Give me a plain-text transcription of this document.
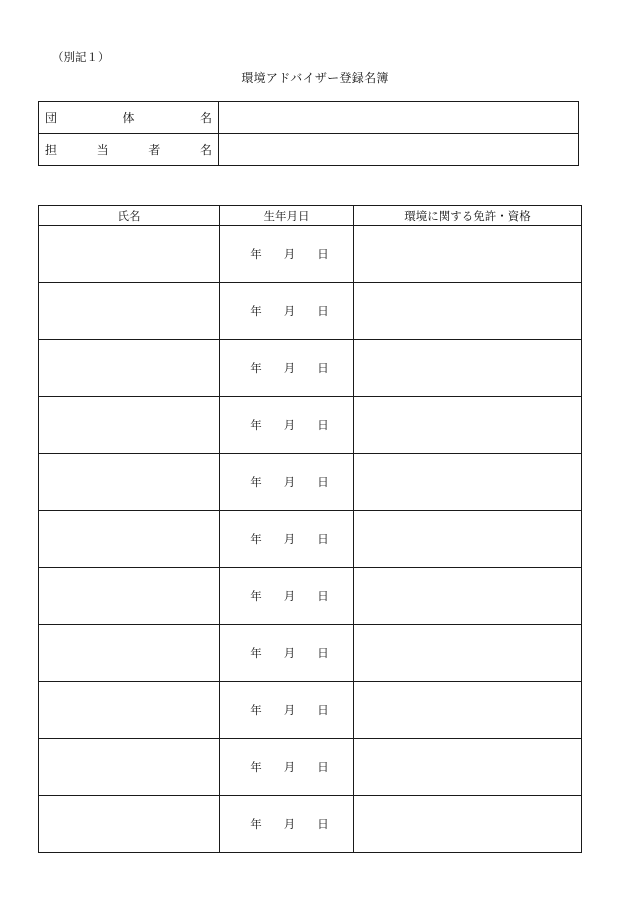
（別記１）
環境アドバイザー登録名簿
団 体 名	

担 当 者 名	

氏名	生年月日	環境に関する免許・資格

	年 月 日	

	年 月 日	

	年 月 日	

	年 月 日	

	年 月 日	

	年 月 日	

	年 月 日	

	年 月 日	

	年 月 日	

	年 月 日	

	年 月 日	
